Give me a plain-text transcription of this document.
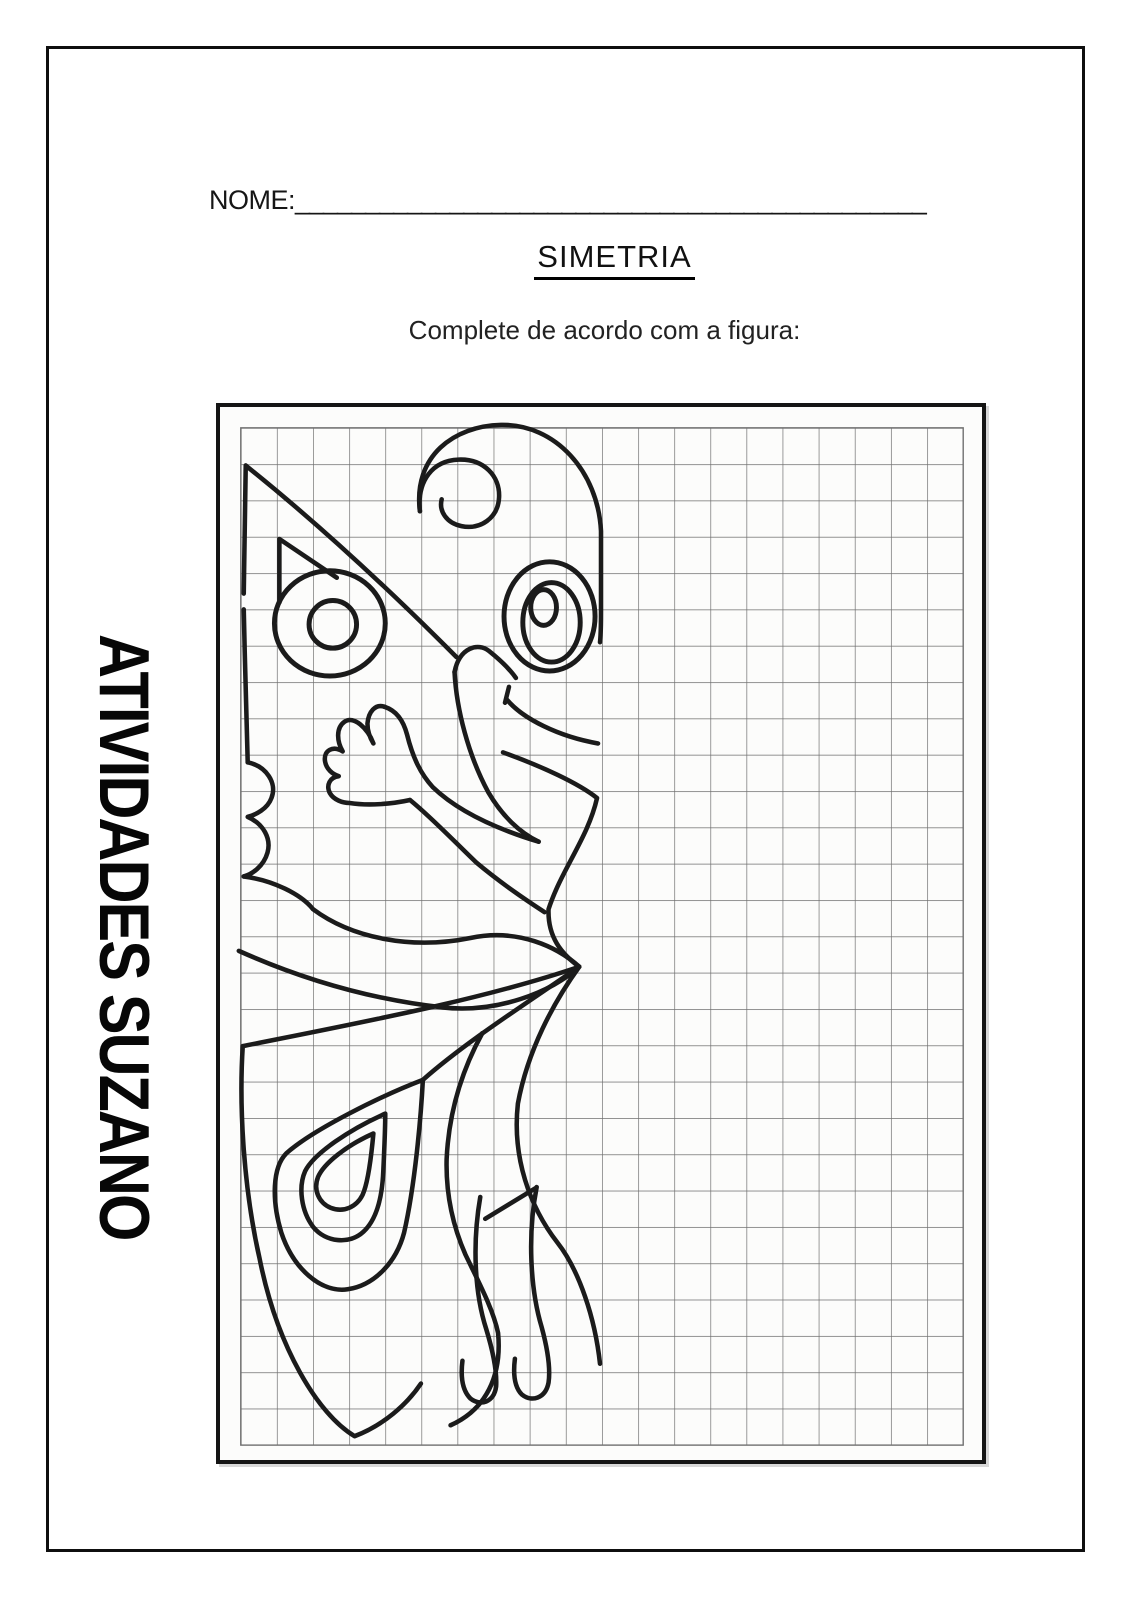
NOME:_____________________________________________
SIMETRIA
Complete de acordo com a figura:
ATIVIDADES SUZANO
